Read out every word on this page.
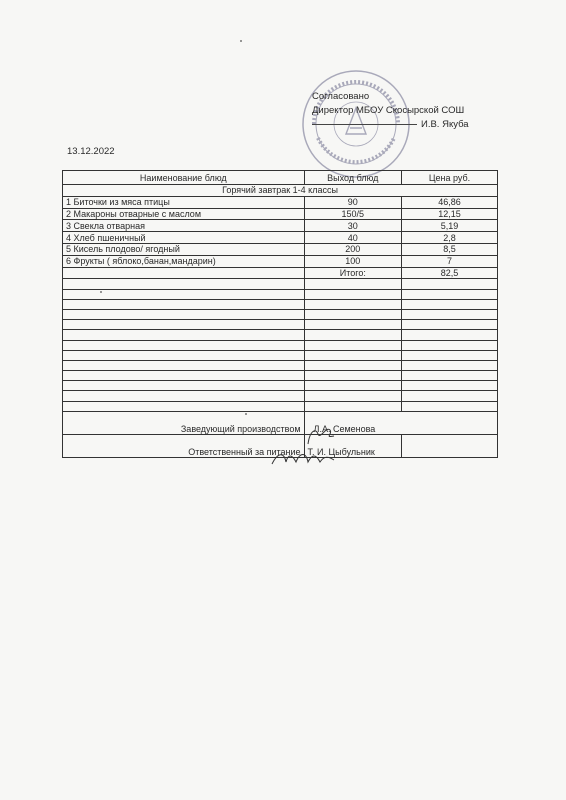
Согласовано
Директор МБОУ Скосырской СОШ
И.В. Якуба
13.12.2022
Наименование блюд	Выход блюд	Цена руб.
Горячий завтрак 1-4 классы		
1 Биточки из мяса птицы	90	46,86
2 Макароны отварные с маслом	150/5	12,15
3 Свекла отварная	30	5,19
4 Хлеб пшеничный	40	2,8
5 Кисель плодово/ ягодный	200	8,5
6 Фрукты ( яблоко,банан,мандарин)	100	7
	Итого:	82,5

Заведующий производством	Л.А. Семенова	

Ответственный за питание	Т. И. Цыбульник	
